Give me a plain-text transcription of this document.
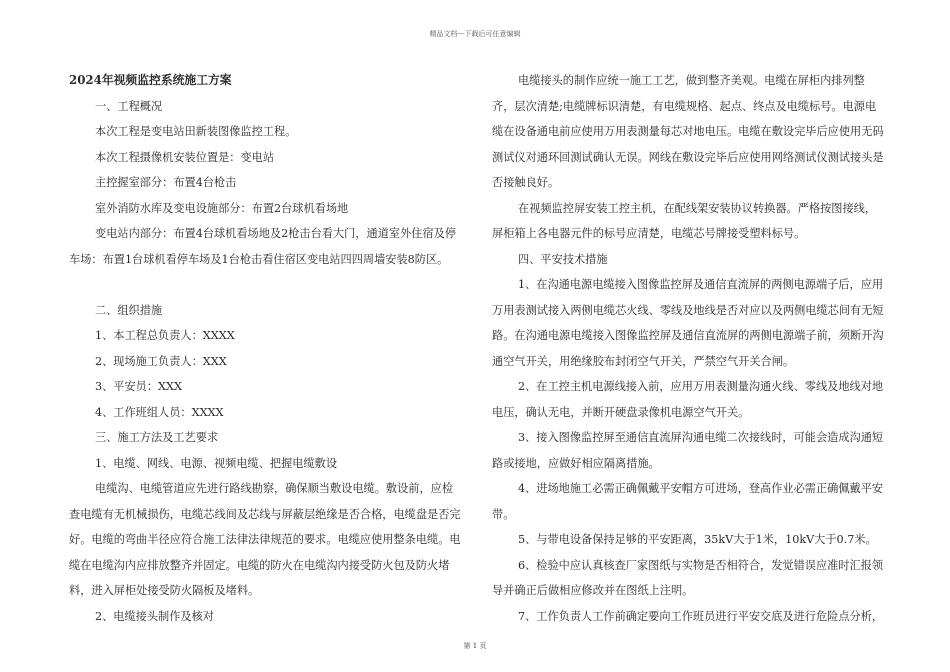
精品文档---下载后可任意编辑

2024年视频监控系统施工方案

一、工程概况

本次工程是变电站田新装图像监控工程。

本次工程摄像机安装位置是：变电站

主控握室部分：布置4台枪击

室外消防水库及变电设施部分：布置2台球机看场地

变电站内部分：布置4台球机看场地及2枪击台看大门，通道室外住宿及停车场：布置1台球机看停车场及1台枪击看住宿区变电站四四周墙安装8防区。

二、组织措施

1、本工程总负责人：XXXX

2、现场施工负责人：XXX

3、平安员：XXX

4、工作班组人员：XXXX

三、施工方法及工艺要求

1、电缆、网线、电源、视频电缆、把握电缆敷设

电缆沟、电缆管道应先进行路线勘察，确保顺当敷设电缆。敷设前，应检查电缆有无机械损伤，电缆芯线间及芯线与屏蔽层绝缘是否合格，电缆盘是否完好。电缆的弯曲半径应符合施工法律法律规范的要求。电缆应使用整条电缆。电缆在电缆沟内应排放整齐并固定。电缆的防火在电缆沟内接受防火包及防火堵料，进入屏柜处接受防火隔板及堵料。

2、电缆接头制作及核对

电缆接头的制作应统一施工工艺，做到整齐美观。电缆在屏柜内排列整齐，层次清楚;电缆牌标识清楚，有电缆规格、起点、终点及电缆标号。电源电缆在设备通电前应使用万用表测量每芯对地电压。电缆在敷设完毕后应使用无码测试仪对通环回测试确认无误。网线在敷设完毕后应使用网络测试仪测试接头是否接触良好。

在视频监控屏安装工控主机，在配线架安装协议转换器。严格按图接线，屏柜箱上各电器元件的标号应清楚，电缆芯号牌接受塑料标号。

四、平安技术措施

1、在沟通电源电缆接入图像监控屏及通信直流屏的两侧电源端子后，应用万用表测试接入两侧电缆芯火线、零线及地线是否对应以及两侧电缆芯间有无短路。在沟通电源电缆接入图像监控屏及通信直流屏的两侧电源端子前，须断开沟通空气开关，用绝缘胶布封闭空气开关，严禁空气开关合闸。

2、在工控主机电源线接入前，应用万用表测量沟通火线、零线及地线对地电压，确认无电，并断开硬盘录像机电源空气开关。

3、接入图像监控屏至通信直流屏沟通电缆二次接线时，可能会造成沟通短路或接地，应做好相应隔离措施。

4、进场地施工必需正确佩戴平安帽方可进场，登高作业必需正确佩戴平安带。

5、与带电设备保持足够的平安距离，35kV大于1米，10kV大于0.7米。

6、检验中应认真核查厂家图纸与实物是否相符合，发觉错误应准时汇报领导并确正后做相应修改并在图纸上注明。

7、工作负责人工作前确定要向工作班员进行平安交底及进行危险点分析，

第 1 页
